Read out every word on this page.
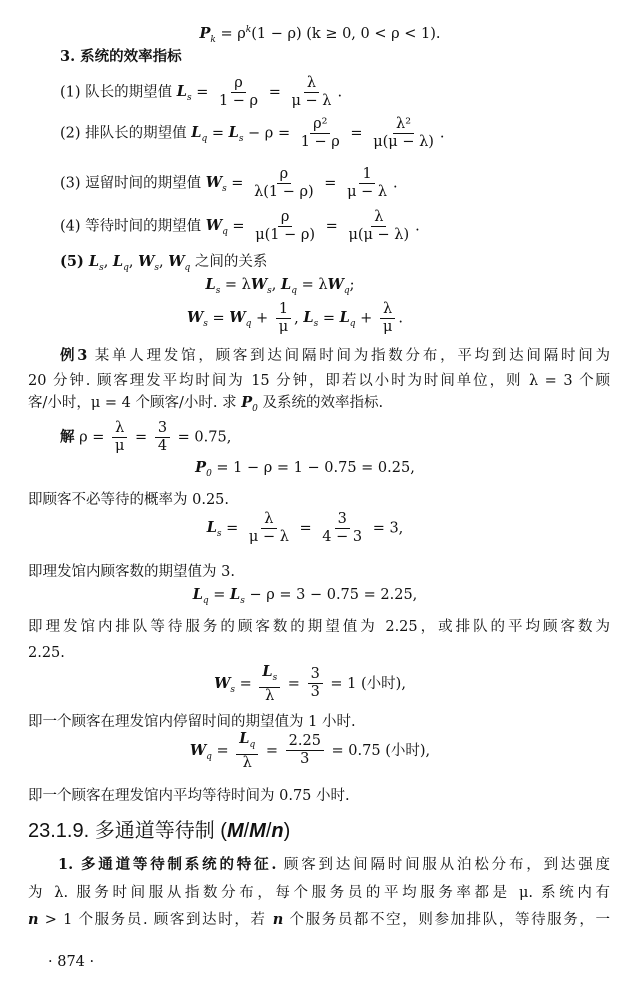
$P_k = \rho^k(1 - \rho) (k \ge 0$, 0 < ρ < 1).
3. 系统的效率指标
(1) 队长的期望值 $L_s = \frac{\rho}{1 - \rho} = \frac{\lambda}{\mu - \lambda}$ .
(2) 排队长的期望值 $L_q = L_s - \rho = \frac{\text{ρ²}}{1 - \rho} = \frac{\text{λ²}}{\mu(\mu - \lambda)}$ .
(3) 逗留时间的期望值 $W_s = \frac{\rho}{\lambda(1 - \rho)} = \frac{1}{\mu - \lambda}$ .
(4) 等待时间的期望值 $W_q = \frac{\rho}{\mu(1 - \rho)} = \frac{\lambda}{\mu(\mu - \lambda)}$ .
(5) $L_s$, $L_q$, $W_s$, $W_q$ 之间的关系
$L_s = \lambda W_s$, $L_q = \lambda W_q$;
$W_s = W_q + \frac{1}{\mu}$ , $L_s = L_q + \frac{\lambda}{\mu}$ .
例3 某单人理发馆，顾客到达间隔时间为指数分布，平均到达间隔时间为
20 分钟. 顾客理发平均时间为 15 分钟，即若以小时为时间单位，则 λ = 3 个顾
客/小时，μ = 4 个顾客/小时. 求 $P_0$ 及系统的效率指标.
解 $\rho = \frac{\lambda}{\mu} = \frac{3}{4} = 0.75$,
$P_0 = 1 - \rho = 1 - 0.75 = 0.25$,
即顾客不必等待的概率为 0.25.
$L_s = \frac{\lambda}{\mu - \lambda} = \frac{3}{4 - 3} = 3$,
即理发馆内顾客数的期望值为 3.
$L_q = L_s - \rho = 3 - 0.75 = 2.25$,
即理发馆内排队等待服务的顾客数的期望值为 2.25，或排队的平均顾客数为
2.25.
$W_s = \frac{L_s}{\lambda} = \frac{3}{3} = 1$ (小时),
即一个顾客在理发馆内停留时间的期望值为 1 小时.
$W_q = \frac{L_q}{\lambda} = \frac{2.25}{3} = 0.75$ (小时),
即一个顾客在理发馆内平均等待时间为 0.75 小时.
23.1.9. 多通道等待制 (M/M/n)
1. 多通道等待制系统的特征. 顾客到达间隔时间服从泊松分布，到达强度
为 λ. 服务时间服从指数分布，每个服务员的平均服务率都是 μ. 系统内有
n > 1 个服务员. 顾客到达时，若 n 个服务员都不空，则参加排队，等待服务，一
· 874 ·
